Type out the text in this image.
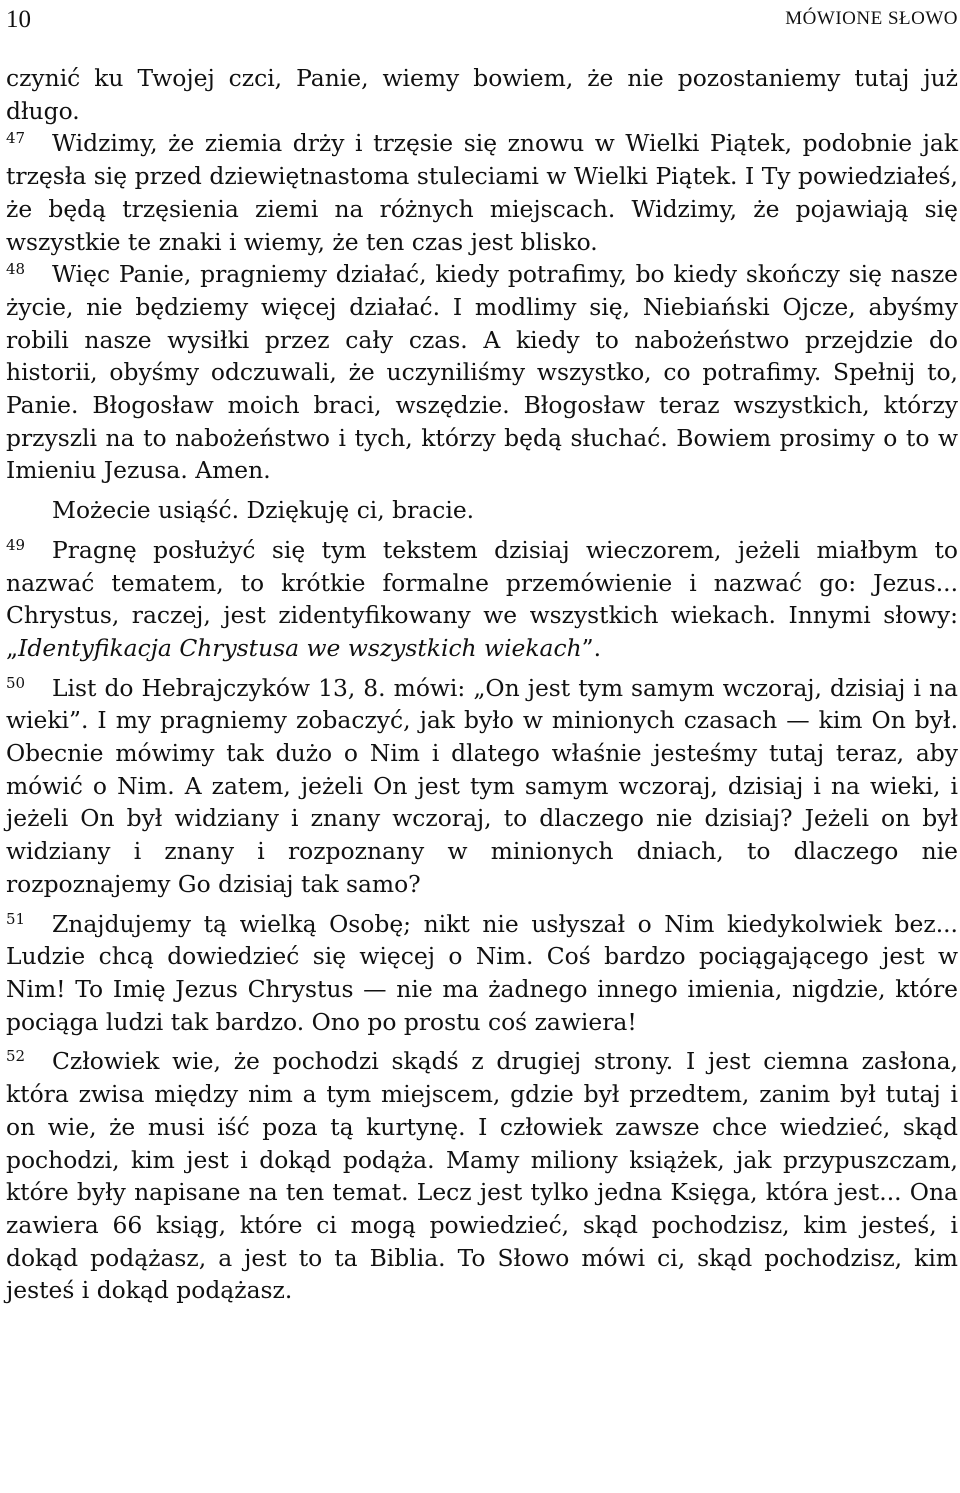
10	MÓWIONE SŁOWO

czynić ku Twojej czci, Panie, wiemy bowiem, że nie pozostaniemy tutaj już długo.

47 Widzimy, że ziemia drży i trzęsie się znowu w Wielki Piątek, podobnie jak trzęsła się przed dziewiętnastoma stuleciami w Wielki Piątek. I Ty powiedziałeś, że będą trzęsienia ziemi na różnych miejscach. Widzimy, że pojawiają się wszystkie te znaki i wiemy, że ten czas jest blisko.

48 Więc Panie, pragniemy działać, kiedy potrafimy, bo kiedy skończy się nasze życie, nie będziemy więcej działać. I modlimy się, Niebiański Ojcze, abyśmy robili nasze wysiłki przez cały czas. A kiedy to nabożeństwo przejdzie do historii, obyśmy odczuwali, że uczyniliśmy wszystko, co potrafimy. Spełnij to, Panie. Błogosław moich braci, wszędzie. Błogosław teraz wszystkich, którzy przyszli na to nabożeństwo i tych, którzy będą słuchać. Bowiem prosimy o to w Imieniu Jezusa. Amen.

Możecie usiąść. Dziękuję ci, bracie.

49 Pragnę posłużyć się tym tekstem dzisiaj wieczorem, jeżeli miałbym to nazwać tematem, to krótkie formalne przemówienie i nazwać go: Jezus... Chrystus, raczej, jest zidentyfikowany we wszystkich wiekach. Innymi słowy: „Identyfikacja Chrystusa we wszystkich wiekach”.

50 List do Hebrajczyków 13, 8. mówi: „On jest tym samym wczoraj, dzisiaj i na wieki”. I my pragniemy zobaczyć, jak było w minionych czasach — kim On był. Obecnie mówimy tak dużo o Nim i dlatego właśnie jesteśmy tutaj teraz, aby mówić o Nim. A zatem, jeżeli On jest tym samym wczoraj, dzisiaj i na wieki, i jeżeli On był widziany i znany wczoraj, to dlaczego nie dzisiaj? Jeżeli on był widziany i znany i rozpoznany w minionych dniach, to dlaczego nie rozpoznajemy Go dzisiaj tak samo?

51 Znajdujemy tą wielką Osobę; nikt nie usłyszał o Nim kiedykolwiek bez... Ludzie chcą dowiedzieć się więcej o Nim. Coś bardzo pociągającego jest w Nim! To Imię Jezus Chrystus — nie ma żadnego innego imienia, nigdzie, które pociąga ludzi tak bardzo. Ono po prostu coś zawiera!

52 Człowiek wie, że pochodzi skądś z drugiej strony. I jest ciemna zasłona, która zwisa między nim a tym miejscem, gdzie był przedtem, zanim był tutaj i on wie, że musi iść poza tą kurtynę. I człowiek zawsze chce wiedzieć, skąd pochodzi, kim jest i dokąd podąża. Mamy miliony książek, jak przypuszczam, które były napisane na ten temat. Lecz jest tylko jedna Księga, która jest... Ona zawiera 66 ksiąg, które ci mogą powiedzieć, skąd pochodzisz, kim jesteś, i dokąd podążasz, a jest to ta Biblia. To Słowo mówi ci, skąd pochodzisz, kim jesteś i dokąd podążasz.
